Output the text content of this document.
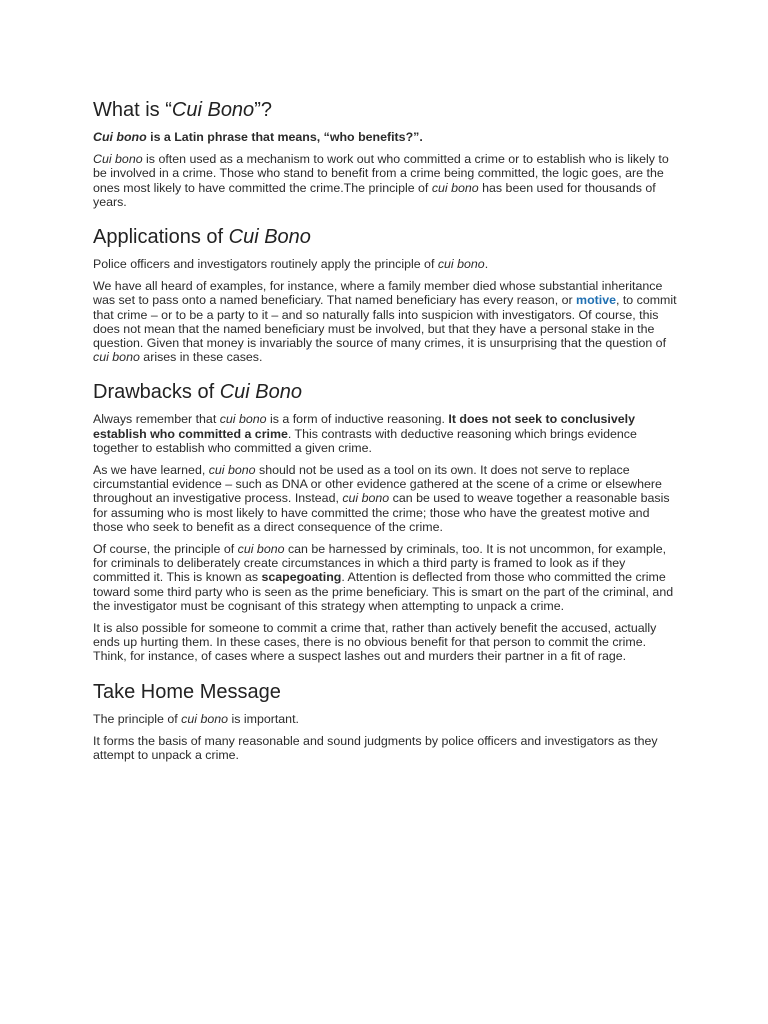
What is “Cui Bono”?

Cui bono is a Latin phrase that means, “who benefits?”.

Cui bono is often used as a mechanism to work out who committed a crime or to establish who is likely to be involved in a crime. Those who stand to benefit from a crime being committed, the logic goes, are the ones most likely to have committed the crime.The principle of cui bono has been used for thousands of years.

Applications of Cui Bono

Police officers and investigators routinely apply the principle of cui bono.

We have all heard of examples, for instance, where a family member died whose substantial inheritance was set to pass onto a named beneficiary. That named beneficiary has every reason, or motive, to commit that crime – or to be a party to it – and so naturally falls into suspicion with investigators. Of course, this does not mean that the named beneficiary must be involved, but that they have a personal stake in the question. Given that money is invariably the source of many crimes, it is unsurprising that the question of cui bono arises in these cases.

Drawbacks of Cui Bono

Always remember that cui bono is a form of inductive reasoning. It does not seek to conclusively establish who committed a crime. This contrasts with deductive reasoning which brings evidence together to establish who committed a given crime.

As we have learned, cui bono should not be used as a tool on its own. It does not serve to replace circumstantial evidence – such as DNA or other evidence gathered at the scene of a crime or elsewhere throughout an investigative process. Instead, cui bono can be used to weave together a reasonable basis for assuming who is most likely to have committed the crime; those who have the greatest motive and those who seek to benefit as a direct consequence of the crime.

Of course, the principle of cui bono can be harnessed by criminals, too. It is not uncommon, for example, for criminals to deliberately create circumstances in which a third party is framed to look as if they committed it. This is known as scapegoating. Attention is deflected from those who committed the crime toward some third party who is seen as the prime beneficiary. This is smart on the part of the criminal, and the investigator must be cognisant of this strategy when attempting to unpack a crime.

It is also possible for someone to commit a crime that, rather than actively benefit the accused, actually ends up hurting them. In these cases, there is no obvious benefit for that person to commit the crime. Think, for instance, of cases where a suspect lashes out and murders their partner in a fit of rage.

Take Home Message

The principle of cui bono is important.

It forms the basis of many reasonable and sound judgments by police officers and investigators as they attempt to unpack a crime.
